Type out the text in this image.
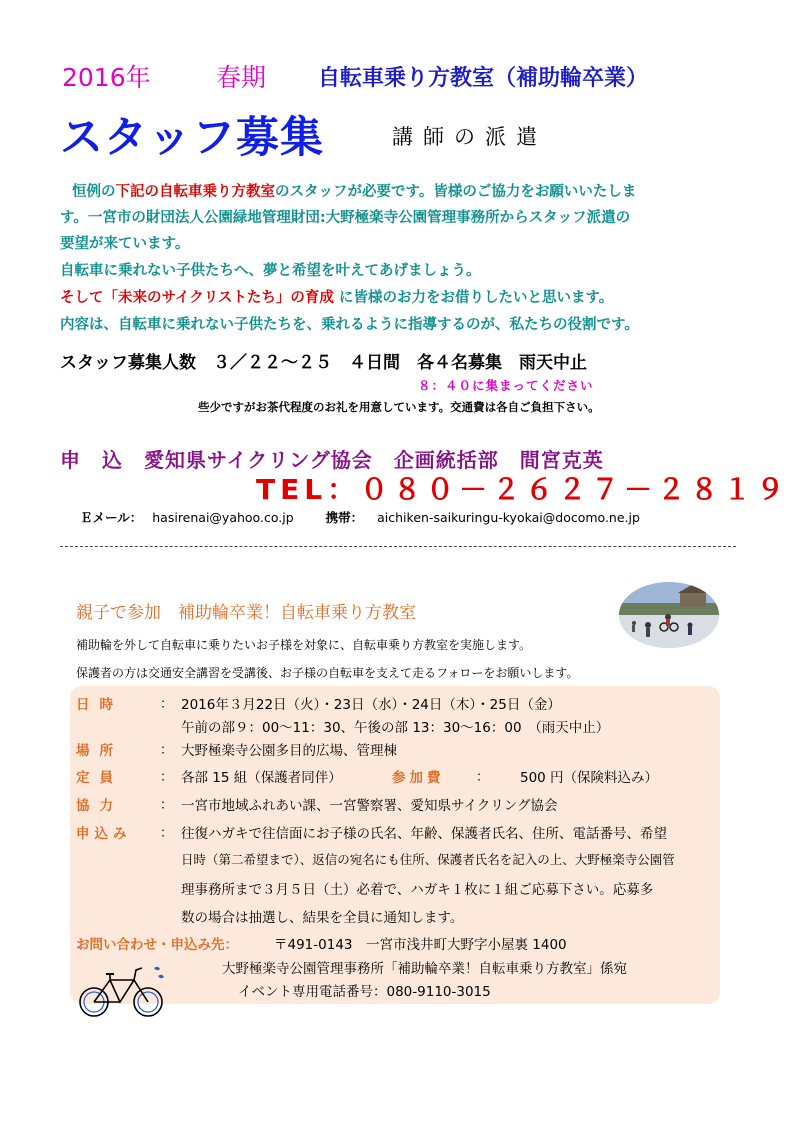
2016年	春期 自転車乗り方教室（補助輪卒業）
スタッフ募集	講師の派遣
恒例の下記の自転車乗り方教室のスタッフが必要です。皆様のご協力をお願いいたしま
す。一宮市の財団法人公園緑地管理財団:大野極楽寺公園管理事務所からスタッフ派遣の
要望が来ています。
自転車に乗れない子供たちへ、夢と希望を叶えてあげましょう。
そして「未来のサイクリストたち」の育成 に皆様のお力をお借りしたいと思います。
内容は、自転車に乗れない子供たちを、乗れるように指導するのが、私たちの役割です。
スタッフ募集人数　３／２２～２５　４日間　各４名募集　雨天中止
８：４０に集まってください
些少ですがお茶代程度のお礼を用意しています。交通費は各自ご負担下さい。
申　込　愛知県サイクリング協会　企画統括部　間宮克英
TEL：０８０－２６２７－２８１９
Ｅメール： hasirenai@yahoo.co.jp	携帯： aichiken-saikuringu-kyokai@docomo.ne.jp
親子で参加　補助輪卒業！自転車乗り方教室
補助輪を外して自転車に乗りたいお子様を対象に、自転車乗り方教室を実施します。
保護者の方は交通安全講習を受講後、お子様の自転車を支えて走るフォローをお願いします。
日時	： 2016年３月22日（火）・23日（水）・24日（木）・25日（金）
午前の部９：00～11：30、午後の部 13：30～16：00　（雨天中止）
場所	： 大野極楽寺公園多目的広場、管理棟
定員	： 各部 15 組（保護者同伴）	参加費 ： 500 円（保険料込み）
協力	： 一宮市地域ふれあい課、一宮警察署、愛知県サイクリング協会
申込み ： 往復ハガキで往信面にお子様の氏名、年齢、保護者氏名、住所、電話番号、希望
日時（第二希望まで）、返信の宛名にも住所、保護者氏名を記入の上、大野極楽寺公園管
理事務所まで３月５日（土）必着で、ハガキ１枚に１組ご応募下さい。応募多
数の場合は抽選し、結果を全員に通知します。
お問い合わせ・申込み先：	〒491-0143　一宮市浅井町大野字小屋裏 1400
大野極楽寺公園管理事務所「補助輪卒業！自転車乗り方教室」係宛
イベント専用電話番号：080-9110-3015
